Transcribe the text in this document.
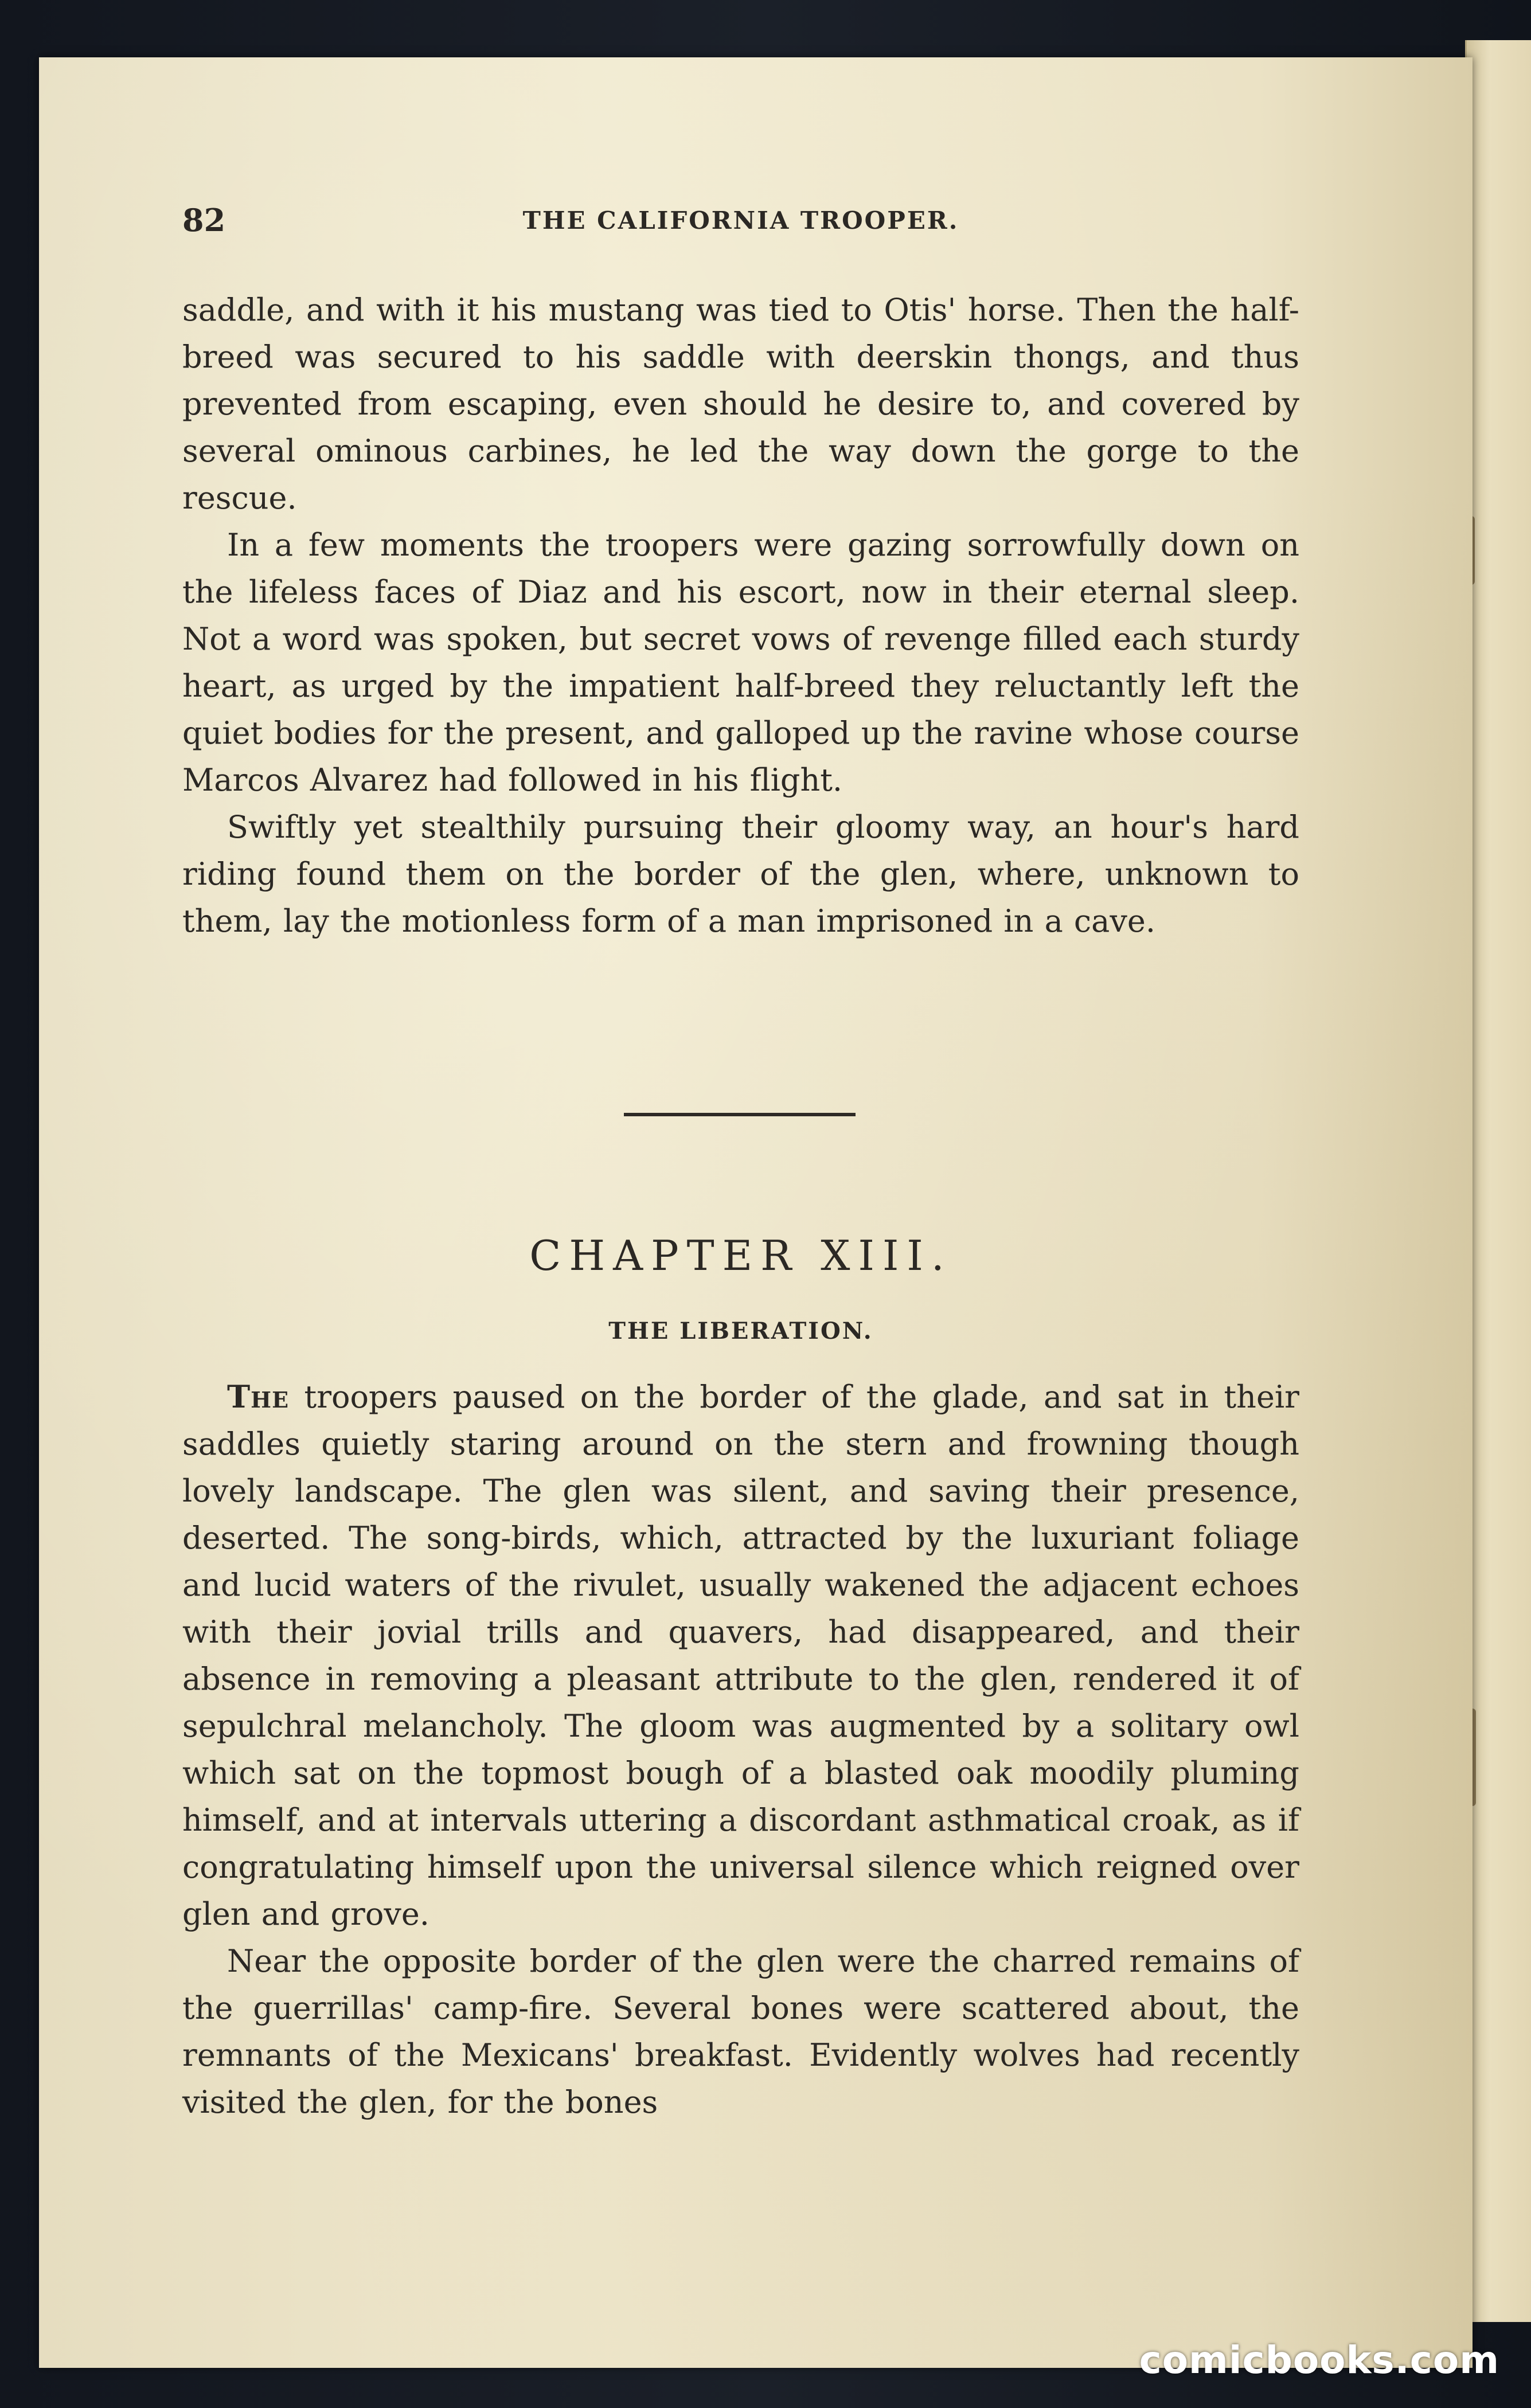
82	THE CALIFORNIA TROOPER.

saddle, and with it his mustang was tied to Otis' horse. Then the half-breed was secured to his saddle with deerskin thongs, and thus prevented from escaping, even should he desire to, and covered by several ominous carbines, he led the way down the gorge to the rescue.

In a few moments the troopers were gazing sorrowfully down on the lifeless faces of Diaz and his escort, now in their eternal sleep. Not a word was spoken, but secret vows of revenge filled each sturdy heart, as urged by the impatient half-breed they reluctantly left the quiet bodies for the present, and galloped up the ravine whose course Marcos Alvarez had followed in his flight.

Swiftly yet stealthily pursuing their gloomy way, an hour's hard riding found them on the border of the glen, where, unknown to them, lay the motionless form of a man imprisoned in a cave.

CHAPTER XIII.
THE LIBERATION.

The troopers paused on the border of the glade, and sat in their saddles quietly staring around on the stern and frowning though lovely landscape. The glen was silent, and saving their presence, deserted. The song-birds, which, attracted by the luxuriant foliage and lucid waters of the rivulet, usually wakened the adjacent echoes with their jovial trills and quavers, had disappeared, and their absence in removing a pleasant attribute to the glen, rendered it of sepulchral melancholy. The gloom was augmented by a solitary owl which sat on the topmost bough of a blasted oak moodily pluming himself, and at intervals uttering a discordant asthmatical croak, as if congratulating himself upon the universal silence which reigned over glen and grove.

Near the opposite border of the glen were the charred remains of the guerrillas' camp-fire. Several bones were scattered about, the remnants of the Mexicans' breakfast. Evidently wolves had recently visited the glen, for the bones

comicbooks.com
